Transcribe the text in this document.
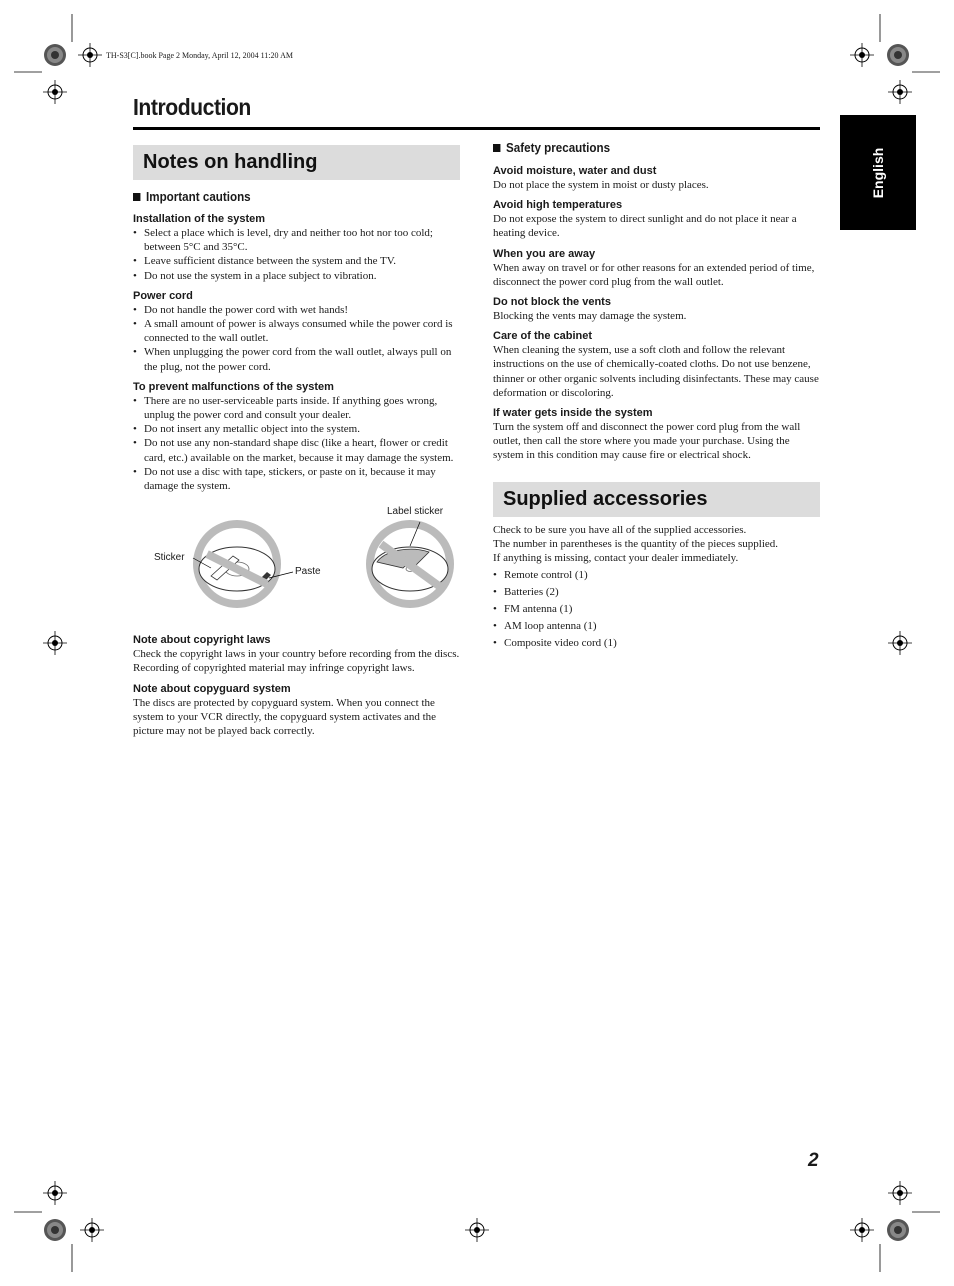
TH-S3[C].book Page 2 Monday, April 12, 2004 11:20 AM
Introduction
English
Notes on handling
Important cautions
Installation of the system
• Select a place which is level, dry and neither too hot nor too cold; between 5°C and 35°C.
• Leave sufficient distance between the system and the TV.
• Do not use the system in a place subject to vibration.
Power cord
• Do not handle the power cord with wet hands!
• A small amount of power is always consumed while the power cord is connected to the wall outlet.
• When unplugging the power cord from the wall outlet, always pull on the plug, not the power cord.
To prevent malfunctions of the system
• There are no user-serviceable parts inside. If anything goes wrong, unplug the power cord and consult your dealer.
• Do not insert any metallic object into the system.
• Do not use any non-standard shape disc (like a heart, flower or credit card, etc.) available on the market, because it may damage the system.
• Do not use a disc with tape, stickers, or paste on it, because it may damage the system.
Sticker
Paste
Label sticker
Note about copyright laws

Check the copyright laws in your country before recording from the discs. Recording of copyrighted material may infringe copyright laws.

Note about copyguard system

The discs are protected by copyguard system. When you connect the system to your VCR directly, the copyguard system activates and the picture may not be played back correctly.

Safety precautions
Avoid moisture, water and dust

Do not place the system in moist or dusty places.

Avoid high temperatures

Do not expose the system to direct sunlight and do not place it near a heating device.

When you are away

When away on travel or for other reasons for an extended period of time, disconnect the power cord plug from the wall outlet.

Do not block the vents

Blocking the vents may damage the system.

Care of the cabinet

When cleaning the system, use a soft cloth and follow the relevant instructions on the use of chemically-coated cloths. Do not use benzene, thinner or other organic solvents including disinfectants. These may cause deformation or discoloring.

If water gets inside the system

Turn the system off and disconnect the power cord plug from the wall outlet, then call the store where you made your purchase. Using the system in this condition may cause fire or electrical shock.

Supplied accessories

Check to be sure you have all of the supplied accessories.

The number in parentheses is the quantity of the pieces supplied.

If anything is missing, contact your dealer immediately.

• Remote control (1)
• Batteries (2)
• FM antenna (1)
• AM loop antenna (1)
• Composite video cord (1)
2
